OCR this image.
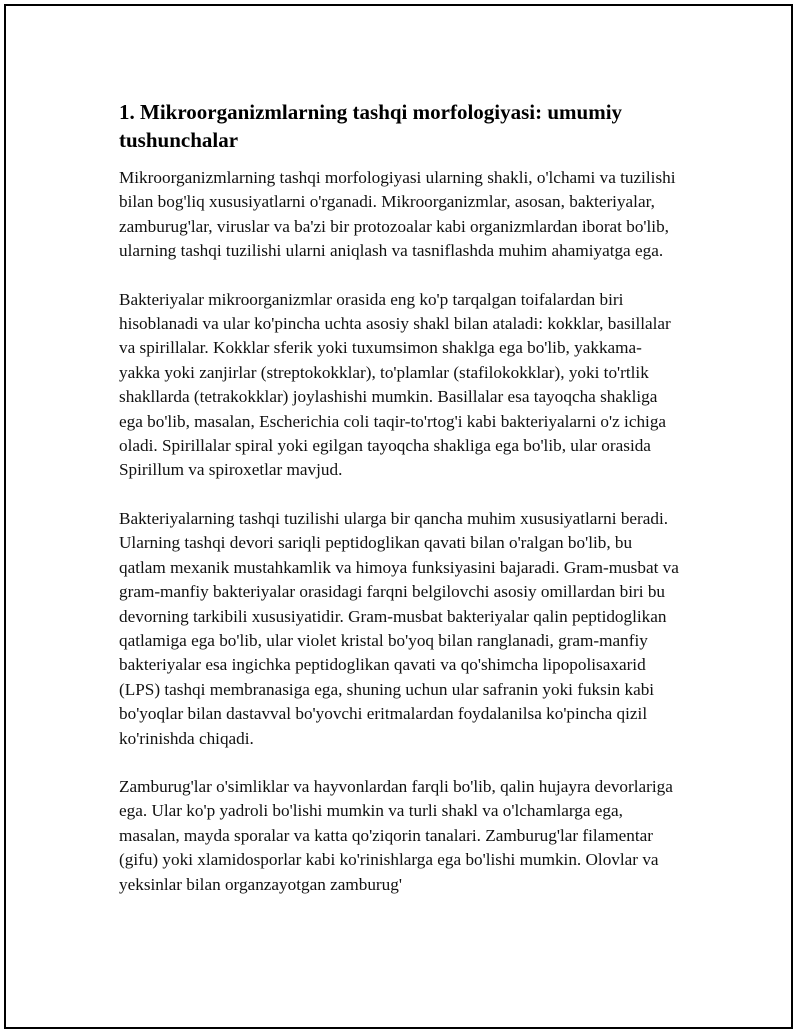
1. Mikroorganizmlarning tashqi morfologiyasi: umumiy tushunchalar

Mikroorganizmlarning tashqi morfologiyasi ularning shakli, o'lchami va tuzilishi bilan bog'liq xususiyatlarni o'rganadi. Mikroorganizmlar, asosan, bakteriyalar, zamburug'lar, viruslar va ba'zi bir protozoalar kabi organizmlardan iborat bo'lib, ularning tashqi tuzilishi ularni aniqlash va tasniflashda muhim ahamiyatga ega.

Bakteriyalar mikroorganizmlar orasida eng ko'p tarqalgan toifalardan biri hisoblanadi va ular ko'pincha uchta asosiy shakl bilan ataladi: kokklar, basillalar va spirillalar. Kokklar sferik yoki tuxumsimon shaklga ega bo'lib, yakkama-yakka yoki zanjirlar (streptokokklar), to'plamlar (stafilokokklar), yoki to'rtlik shakllarda (tetrakokklar) joylashishi mumkin. Basillalar esa tayoqcha shakliga ega bo'lib, masalan, Escherichia coli taqir-to'rtog'i kabi bakteriyalarni o'z ichiga oladi. Spirillalar spiral yoki egilgan tayoqcha shakliga ega bo'lib, ular orasida Spirillum va spiroxetlar mavjud.

Bakteriyalarning tashqi tuzilishi ularga bir qancha muhim xususiyatlarni beradi. Ularning tashqi devori sariqli peptidoglikan qavati bilan o'ralgan bo'lib, bu qatlam mexanik mustahkamlik va himoya funksiyasini bajaradi. Gram-musbat va gram-manfiy bakteriyalar orasidagi farqni belgilovchi asosiy omillardan biri bu devorning tarkibili xususiyatidir. Gram-musbat bakteriyalar qalin peptidoglikan qatlamiga ega bo'lib, ular violet kristal bo'yoq bilan ranglanadi, gram-manfiy bakteriyalar esa ingichka peptidoglikan qavati va qo'shimcha lipopolisaxarid (LPS) tashqi membranasiga ega, shuning uchun ular safranin yoki fuksin kabi bo'yoqlar bilan dastavval bo'yovchi eritmalardan foydalanilsa ko'pincha qizil ko'rinishda chiqadi.

Zamburug'lar o'simliklar va hayvonlardan farqli bo'lib, qalin hujayra devorlariga ega. Ular ko'p yadroli bo'lishi mumkin va turli shakl va o'lchamlarga ega, masalan, mayda sporalar va katta qo'ziqorin tanalari. Zamburug'lar filamentar (gifu) yoki xlamidosporlar kabi ko'rinishlarga ega bo'lishi mumkin. Olovlar va yeksinlar bilan organzayotgan zamburug'
